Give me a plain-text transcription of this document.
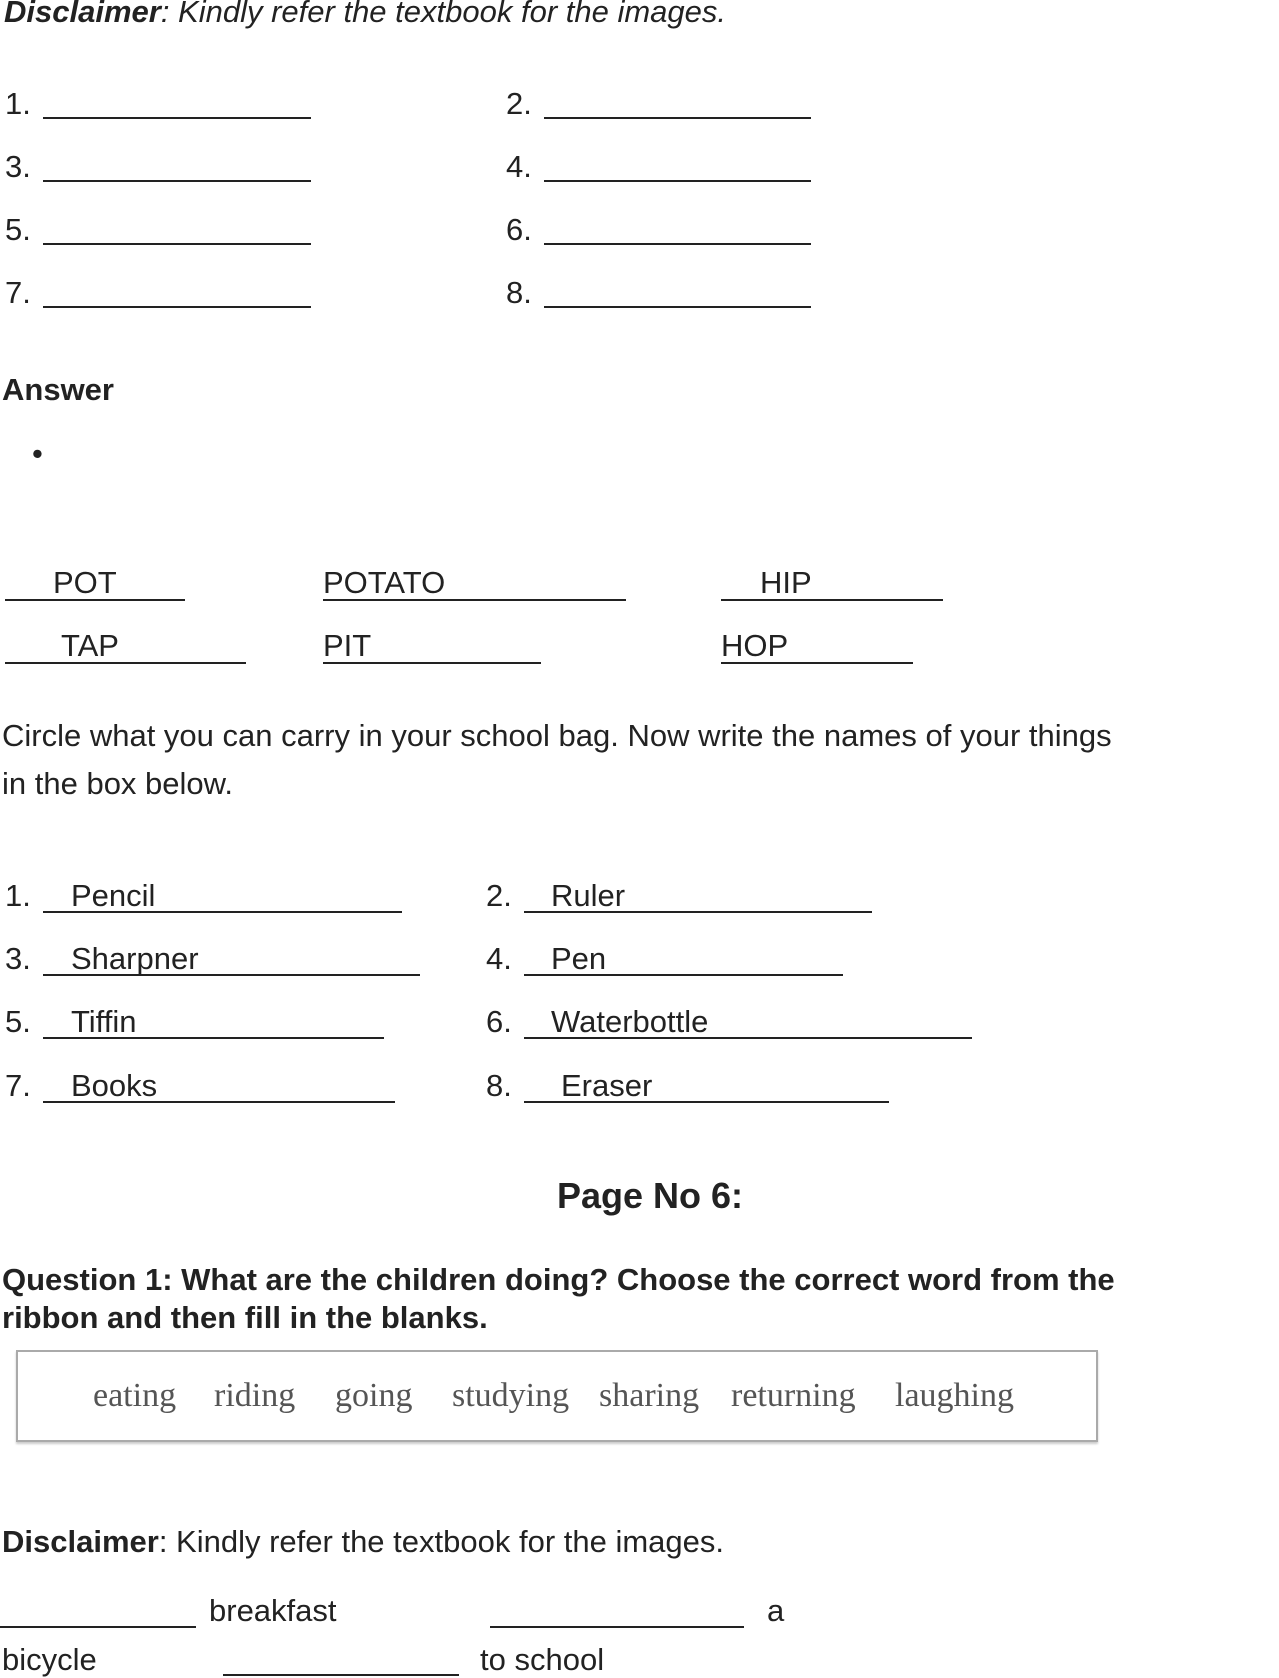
Disclaimer: Kindly refer the textbook for the images.
1.	2.
3.	4.
5.	6.
7.	8.
Answer
•
POT	POTATO	HIP
TAP	PIT	HOP
Circle what you can carry in your school bag. Now write the names of your things
in the box below.
1. Pencil	2. Ruler
3. Sharpner	4. Pen
5. Tiffin	6. Waterbottle
7. Books	8. Eraser
Page No 6:
Question 1: What are the children doing? Choose the correct word from the
ribbon and then fill in the blanks.
eating riding going studying sharing returning laughing
Disclaimer: Kindly refer the textbook for the images.
breakfast	a
bicycle	to school
